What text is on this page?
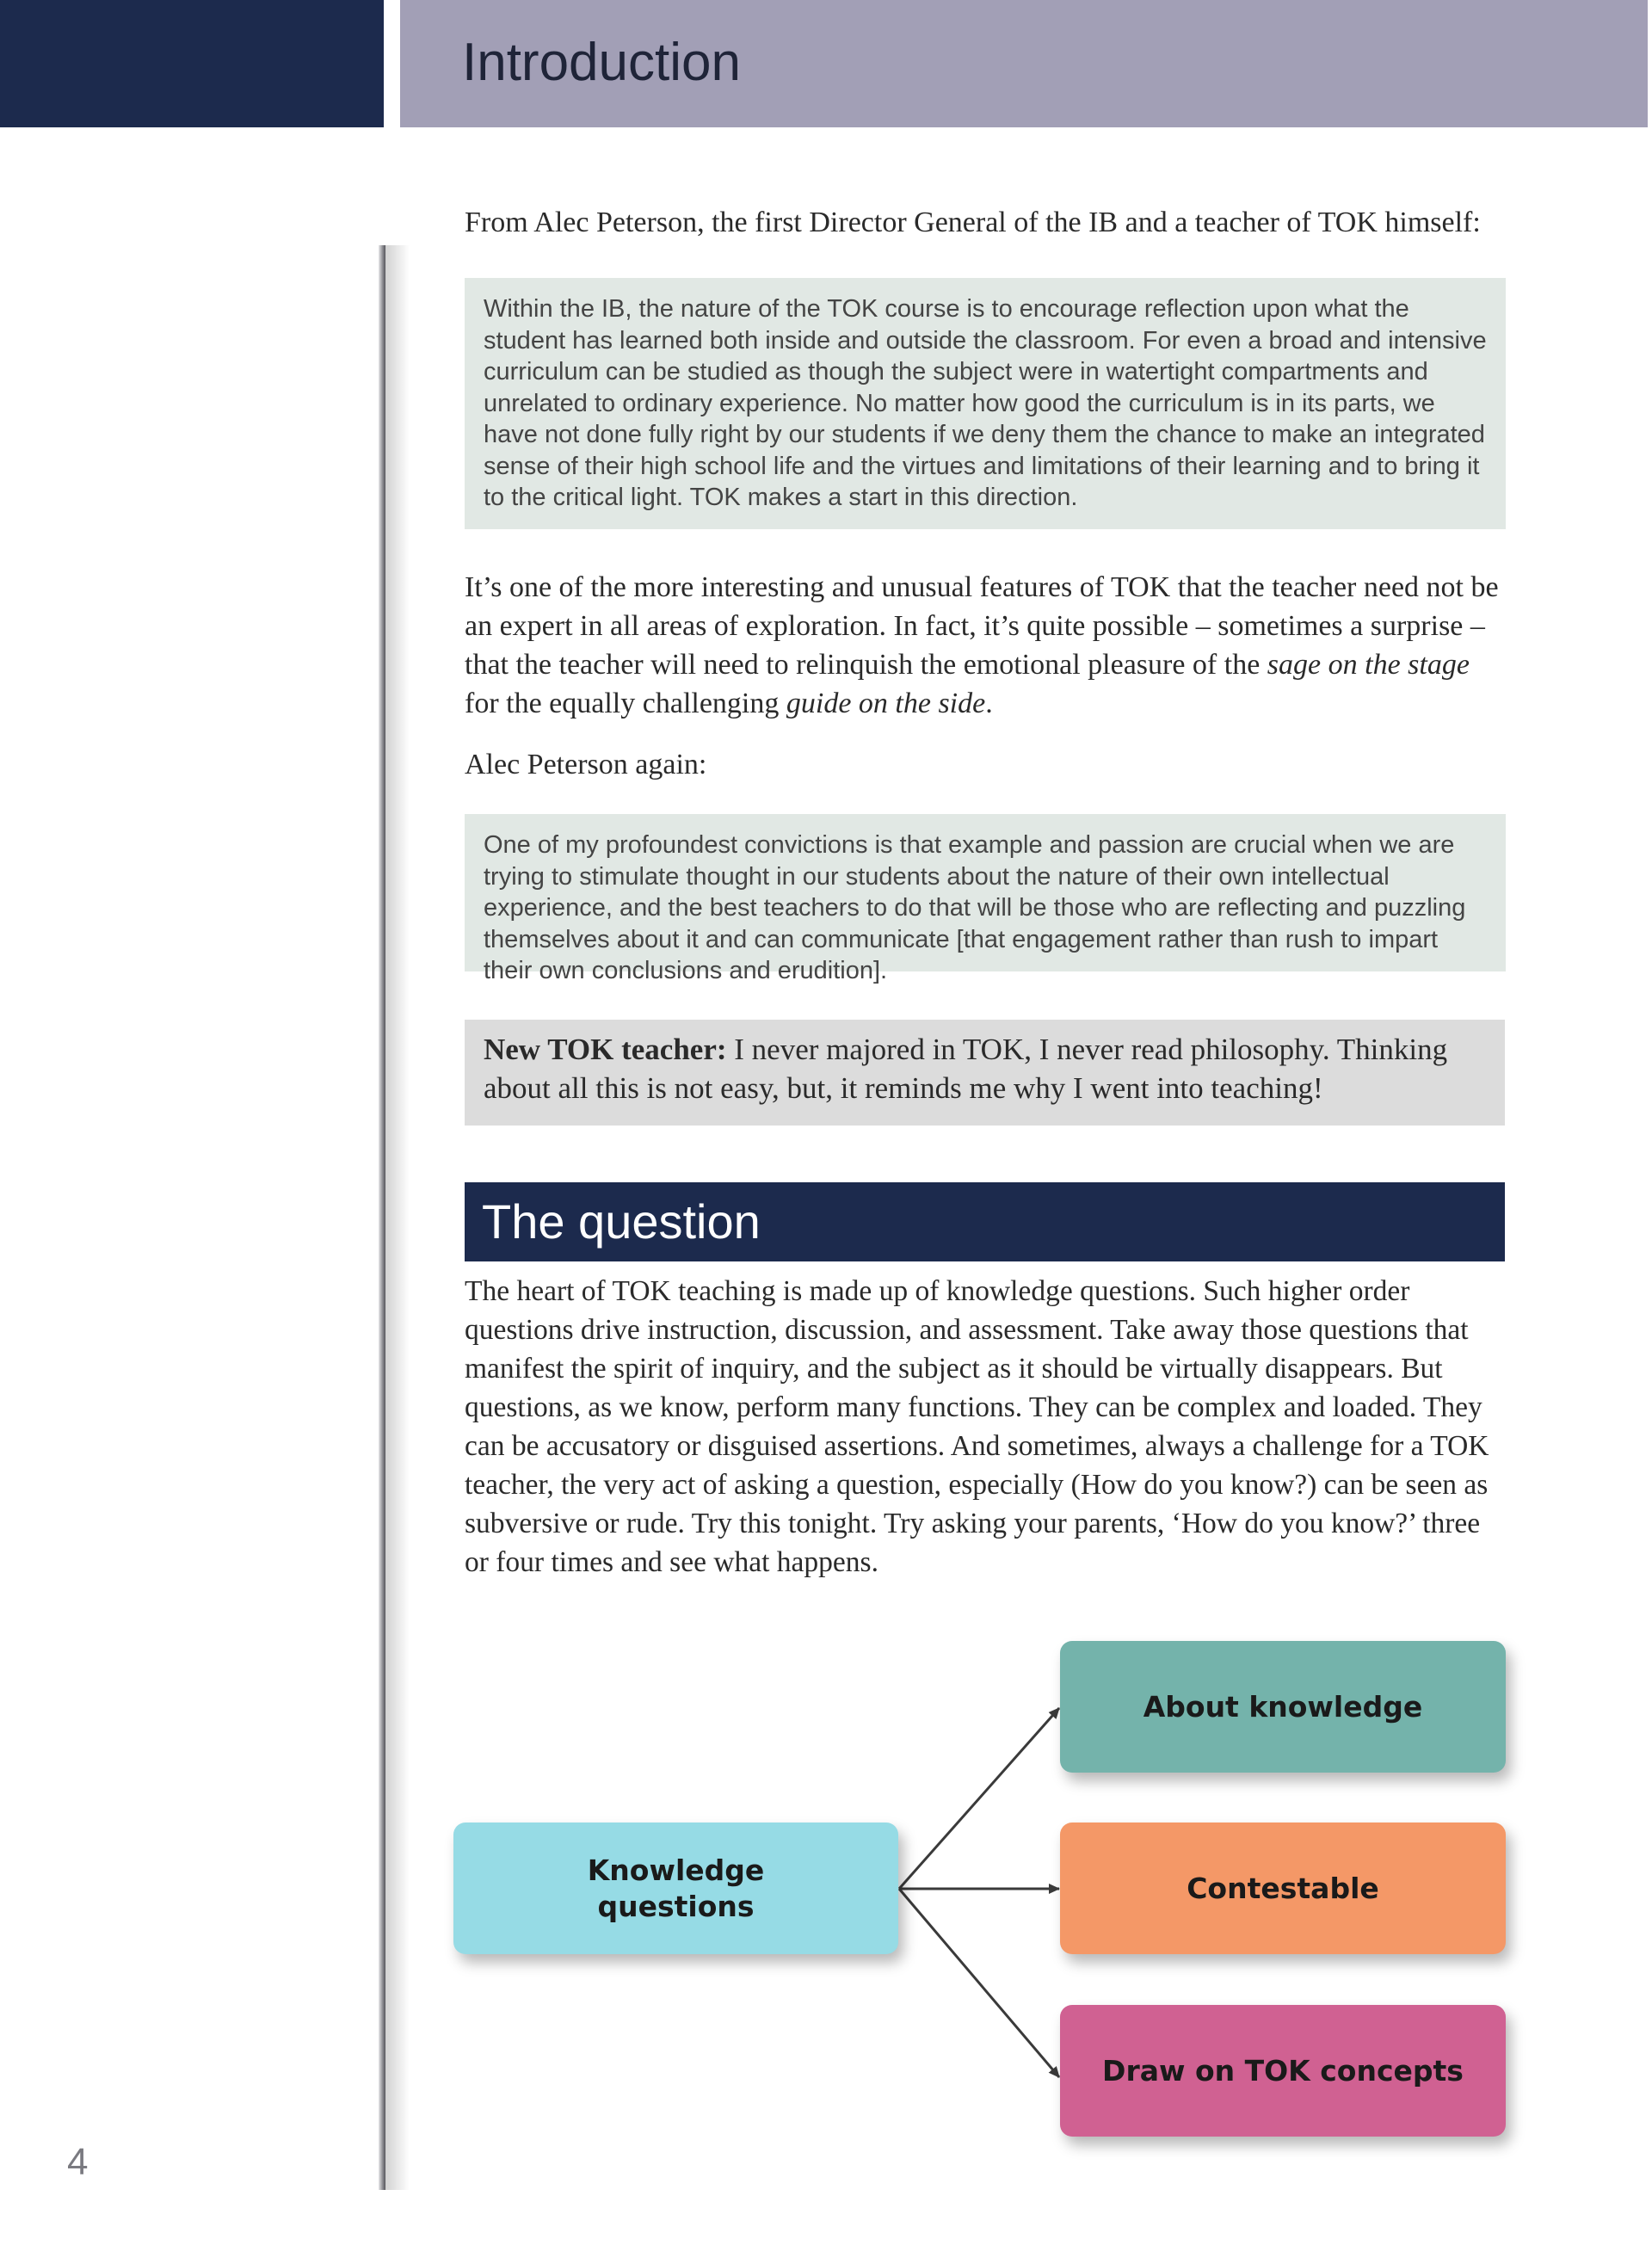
Introduction

From Alec Peterson, the first Director General of the IB and a teacher of TOK himself:

Within the IB, the nature of the TOK course is to encourage reflection upon what the student has learned both inside and outside the classroom. For even a broad and intensive curriculum can be studied as though the subject were in watertight compartments and unrelated to ordinary experience. No matter how good the curriculum is in its parts, we have not done fully right by our students if we deny them the chance to make an integrated sense of their high school life and the virtues and limitations of their learning and to bring it to the critical light. TOK makes a start in this direction.

It’s one of the more interesting and unusual features of TOK that the teacher need not be an expert in all areas of exploration. In fact, it’s quite possible – sometimes a surprise – that the teacher will need to relinquish the emotional pleasure of the sage on the stage for the equally challenging guide on the side.

Alec Peterson again:

One of my profoundest convictions is that example and passion are crucial when we are trying to stimulate thought in our students about the nature of their own intellectual experience, and the best teachers to do that will be those who are reflecting and puzzling themselves about it and can communicate [that engagement rather than rush to impart their own conclusions and erudition].
New TOK teacher: I never majored in TOK, I never read philosophy. Thinking about all this is not easy, but, it reminds me why I went into teaching!
The question

The heart of TOK teaching is made up of knowledge questions. Such higher order questions drive instruction, discussion, and assessment. Take away those questions that manifest the spirit of inquiry, and the subject as it should be virtually disappears. But questions, as we know, perform many functions. They can be complex and loaded. They can be accusatory or disguised assertions. And sometimes, always a challenge for a TOK teacher, the very act of asking a question, especially (How do you know?) can be seen as subversive or rude. Try this tonight. Try asking your parents, ‘How do you know?’ three or four times and see what happens.

Knowledge
questions
About knowledge
Contestable
Draw on TOK concepts
4
